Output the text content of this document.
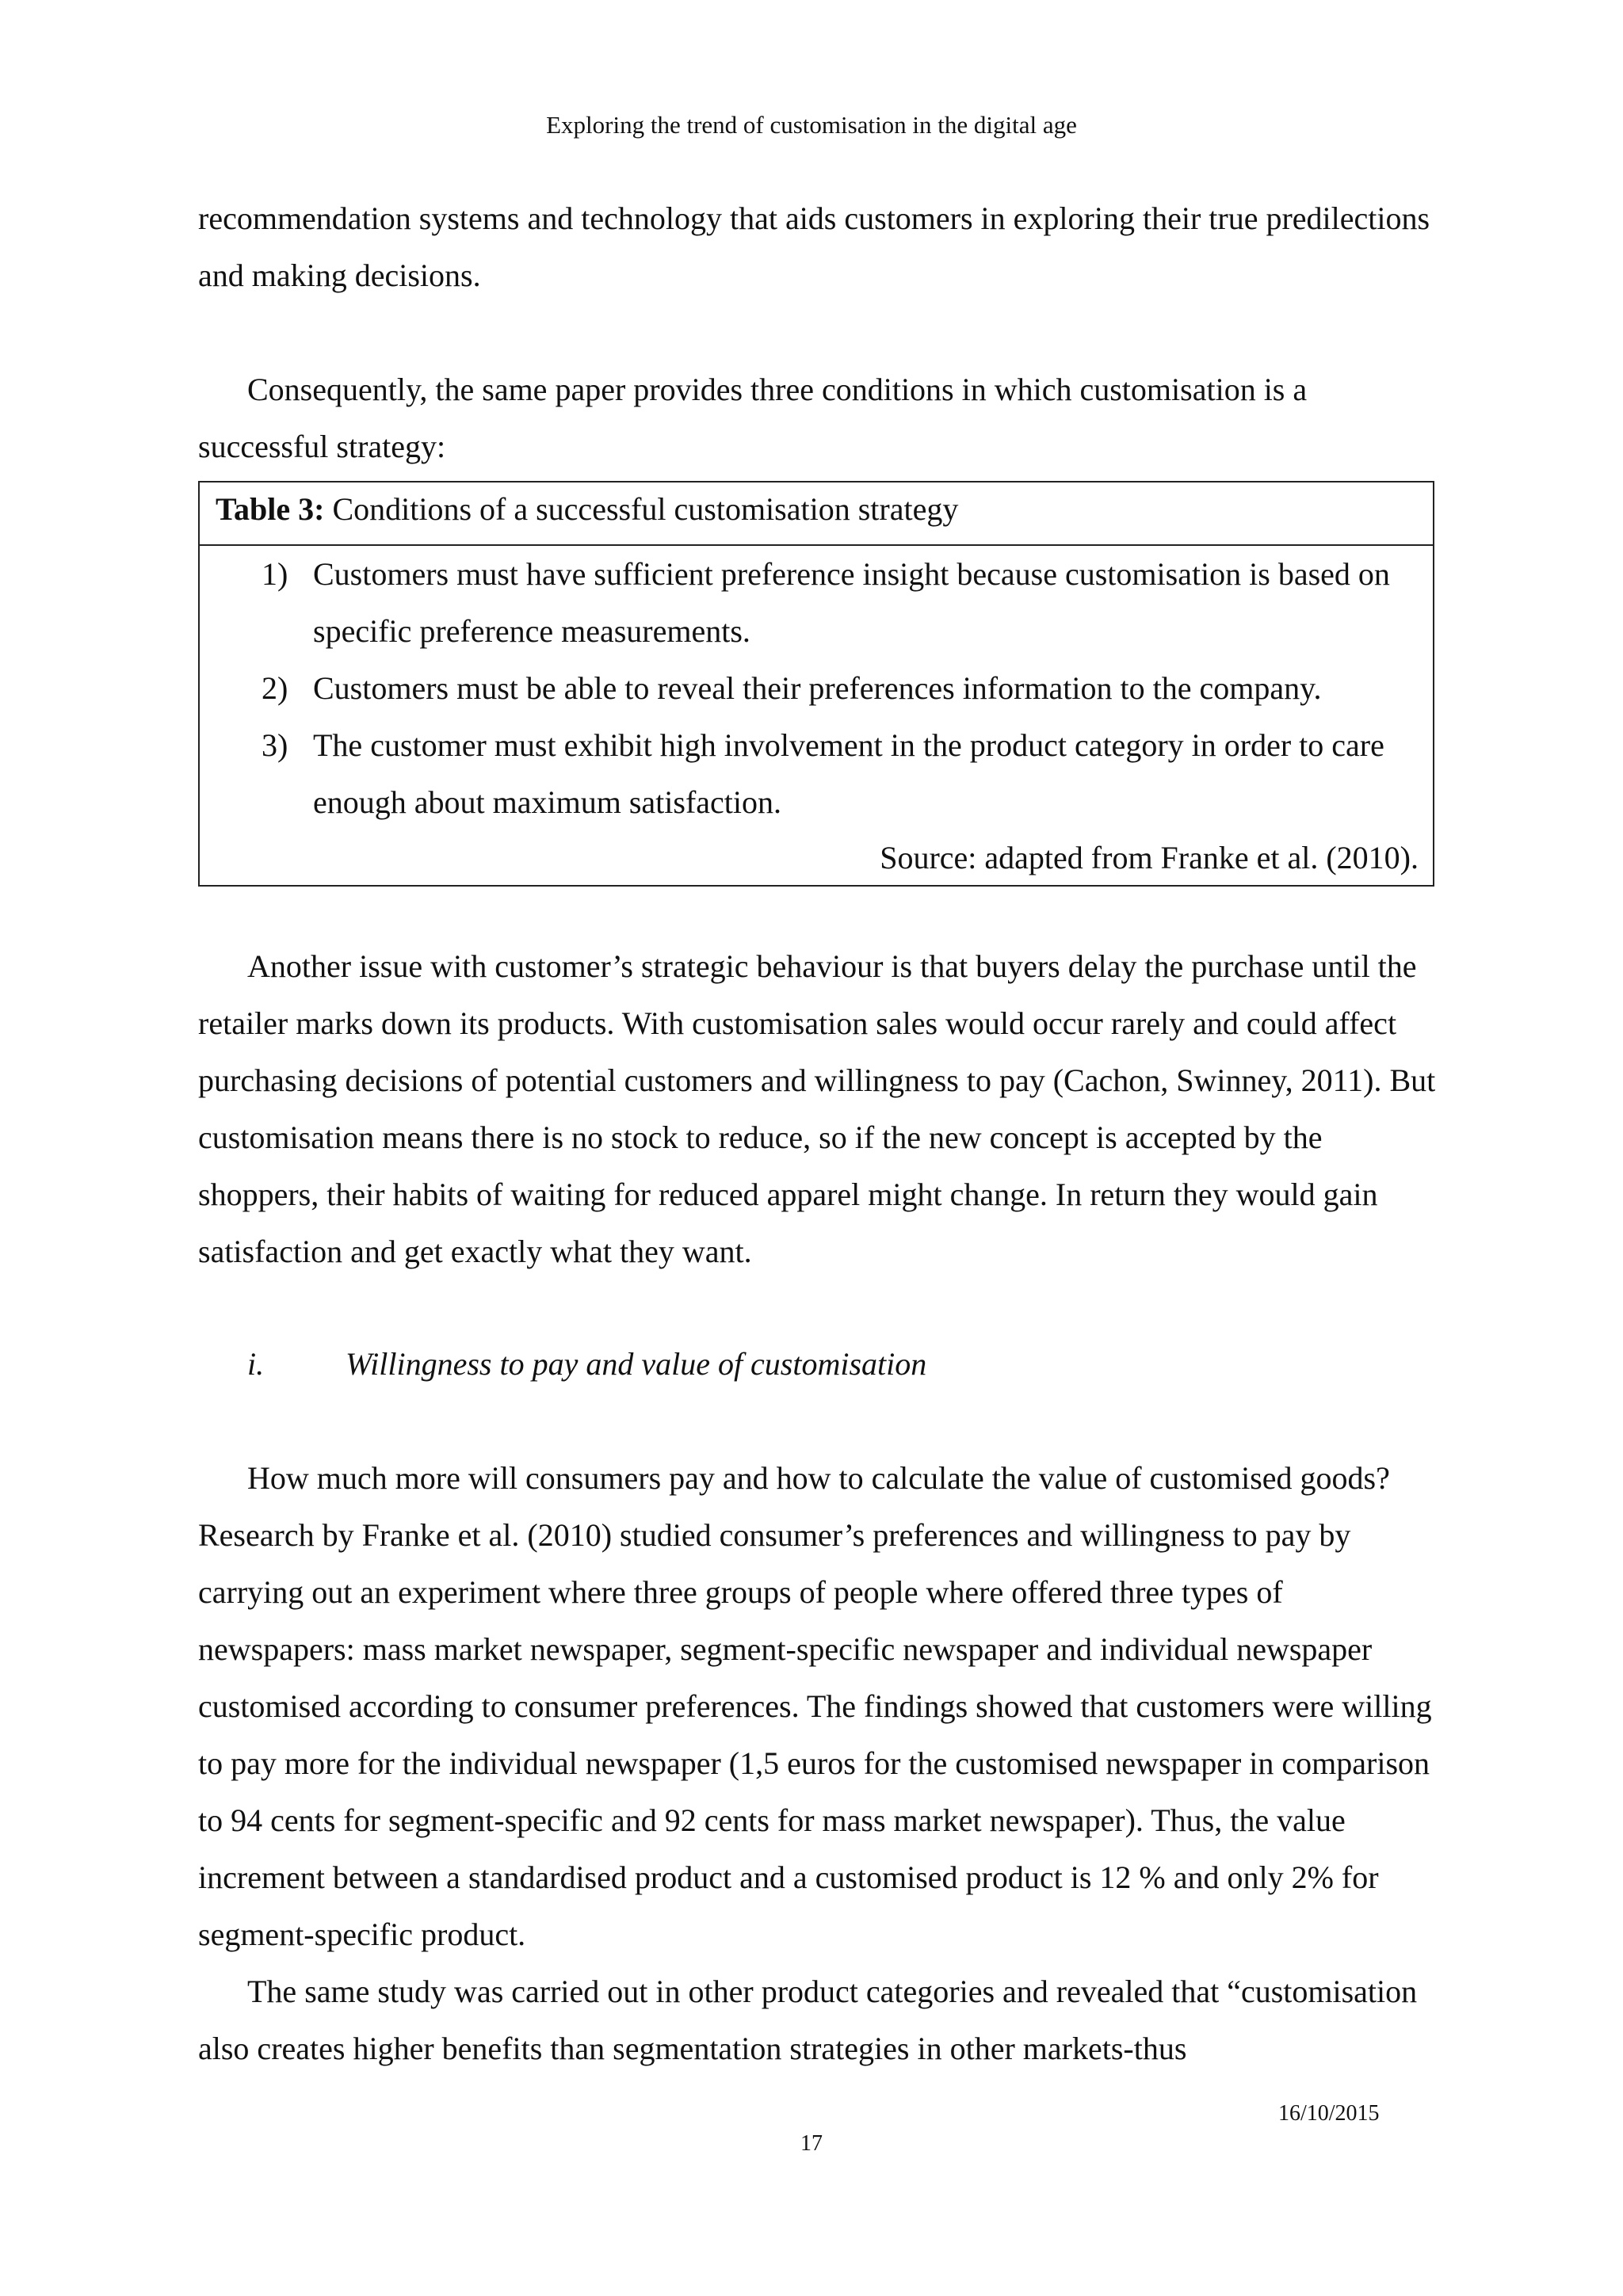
Exploring the trend of customisation in the digital age

recommendation systems and technology that aids customers in exploring their true predilections and making decisions.

Consequently, the same paper provides three conditions in which customisation is a successful strategy:

Table 3: Conditions of a successful customisation strategy
1) Customers must have sufficient preference insight because customisation is based on specific preference measurements.
2) Customers must be able to reveal their preferences information to the company.
3) The customer must exhibit high involvement in the product category in order to care enough about maximum satisfaction.
Source: adapted from Franke et al. (2010).

Another issue with customer’s strategic behaviour is that buyers delay the purchase until the retailer marks down its products. With customisation sales would occur rarely and could affect purchasing decisions of potential customers and willingness to pay (Cachon, Swinney, 2011). But customisation means there is no stock to reduce, so if the new concept is accepted by the shoppers, their habits of waiting for reduced apparel might change. In return they would gain satisfaction and get exactly what they want.

i.	Willingness to pay and value of customisation

How much more will consumers pay and how to calculate the value of customised goods? Research by Franke et al. (2010) studied consumer’s preferences and willingness to pay by carrying out an experiment where three groups of people where offered three types of newspapers: mass market newspaper, segment-specific newspaper and individual newspaper customised according to consumer preferences. The findings showed that customers were willing to pay more for the individual newspaper (1,5 euros for the customised newspaper in comparison to 94 cents for segment-specific and 92 cents for mass market newspaper). Thus, the value increment between a standardised product and a customised product is 12 % and only 2% for segment-specific product.

The same study was carried out in other product categories and revealed that “customisation also creates higher benefits than segmentation strategies in other markets-thus

16/10/2015
17
